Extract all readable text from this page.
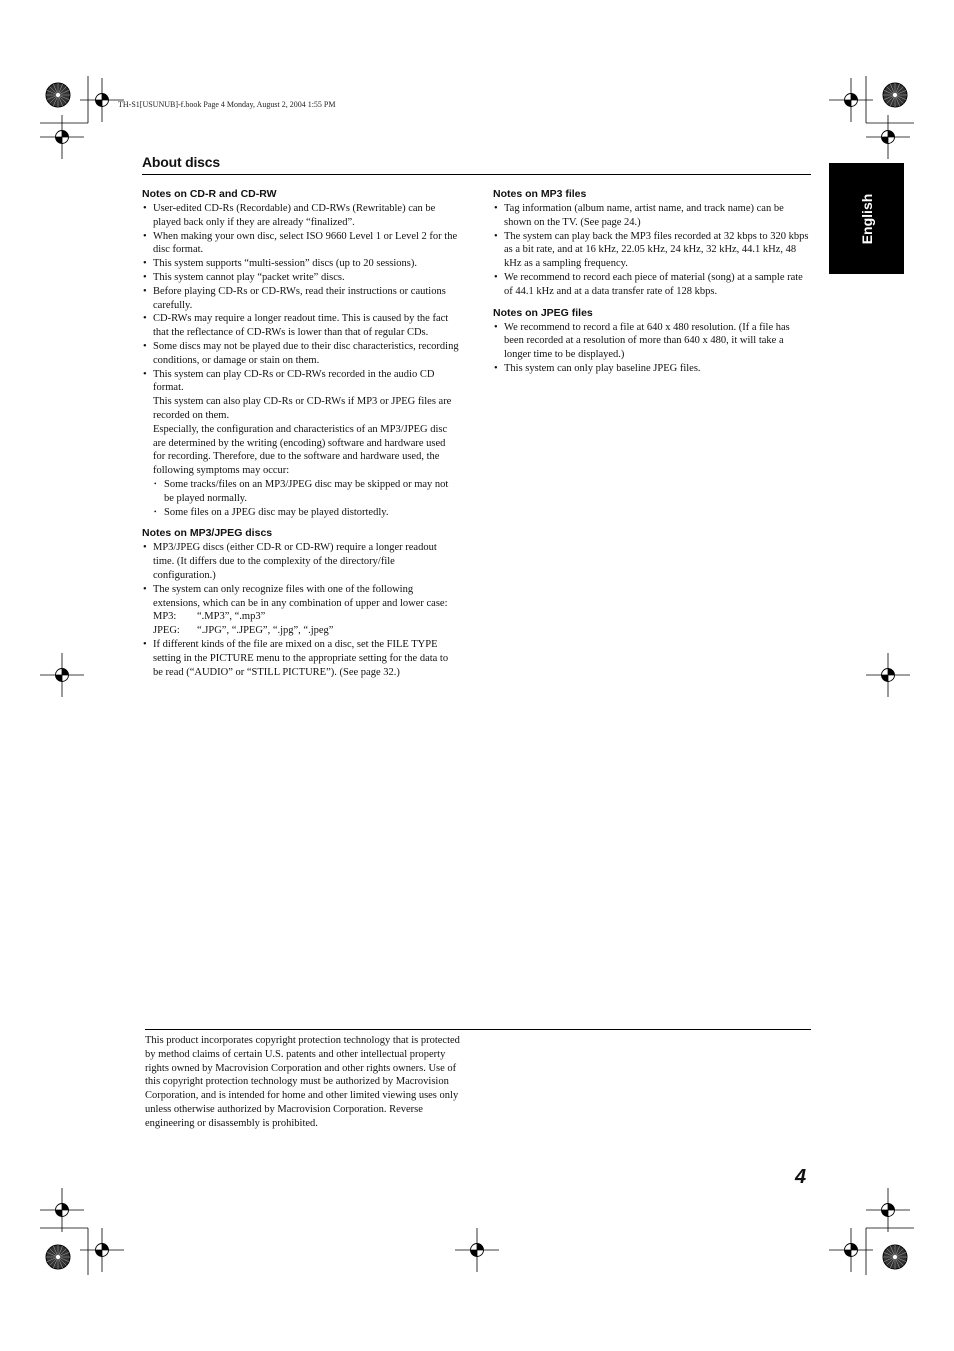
TH-S1[USUNUB]-f.book Page 4 Monday, August 2, 2004 1:55 PM
About discs
English
Notes on CD-R and CD-RW
• User-edited CD-Rs (Recordable) and CD-RWs (Rewritable) can be played back only if they are already “finalized”.
• When making your own disc, select ISO 9660 Level 1 or Level 2 for the disc format.
• This system supports “multi-session” discs (up to 20 sessions).
• This system cannot play “packet write” discs.
• Before playing CD-Rs or CD-RWs, read their instructions or cautions carefully.
• CD-RWs may require a longer readout time. This is caused by the fact that the reflectance of CD-RWs is lower than that of regular CDs.
• Some discs may not be played due to their disc characteristics, recording conditions, or damage or stain on them.
• This system can play CD-Rs or CD-RWs recorded in the audio CD format.
This system can also play CD-Rs or CD-RWs if MP3 or JPEG files are recorded on them.
Especially, the configuration and characteristics of an MP3/JPEG disc are determined by the writing (encoding) software and hardware used for recording. Therefore, due to the software and hardware used, the following symptoms may occur:
• Some tracks/files on an MP3/JPEG disc may be skipped or may not be played normally.
• Some files on a JPEG disc may be played distortedly.
Notes on MP3/JPEG discs
• MP3/JPEG discs (either CD-R or CD-RW) require a longer readout time. (It differs due to the complexity of the directory/file configuration.)
• The system can only recognize files with one of the following extensions, which can be in any combination of upper and lower case:
MP3:	“.MP3”, “.mp3”
JPEG:	“.JPG”, “.JPEG”, “.jpg”, “.jpeg”
• If different kinds of the file are mixed on a disc, set the FILE TYPE setting in the PICTURE menu to the appropriate setting for the data to be read (“AUDIO” or “STILL PICTURE”). (See page 32.)
Notes on MP3 files
• Tag information (album name, artist name, and track name) can be shown on the TV. (See page 24.)
• The system can play back the MP3 files recorded at 32 kbps to 320 kbps as a bit rate, and at 16 kHz, 22.05 kHz, 24 kHz, 32 kHz, 44.1 kHz, 48 kHz as a sampling frequency.
• We recommend to record each piece of material (song) at a sample rate of 44.1 kHz and at a data transfer rate of 128 kbps.
Notes on JPEG files
• We recommend to record a file at 640 x 480 resolution. (If a file has been recorded at a resolution of more than 640 x 480, it will take a longer time to be displayed.)
• This system can only play baseline JPEG files.
This product incorporates copyright protection technology that is protected by method claims of certain U.S. patents and other intellectual property rights owned by Macrovision Corporation and other rights owners. Use of this copyright protection technology must be authorized by Macrovision Corporation, and is intended for home and other limited viewing uses only unless otherwise authorized by Macrovision Corporation. Reverse engineering or disassembly is prohibited.
4
